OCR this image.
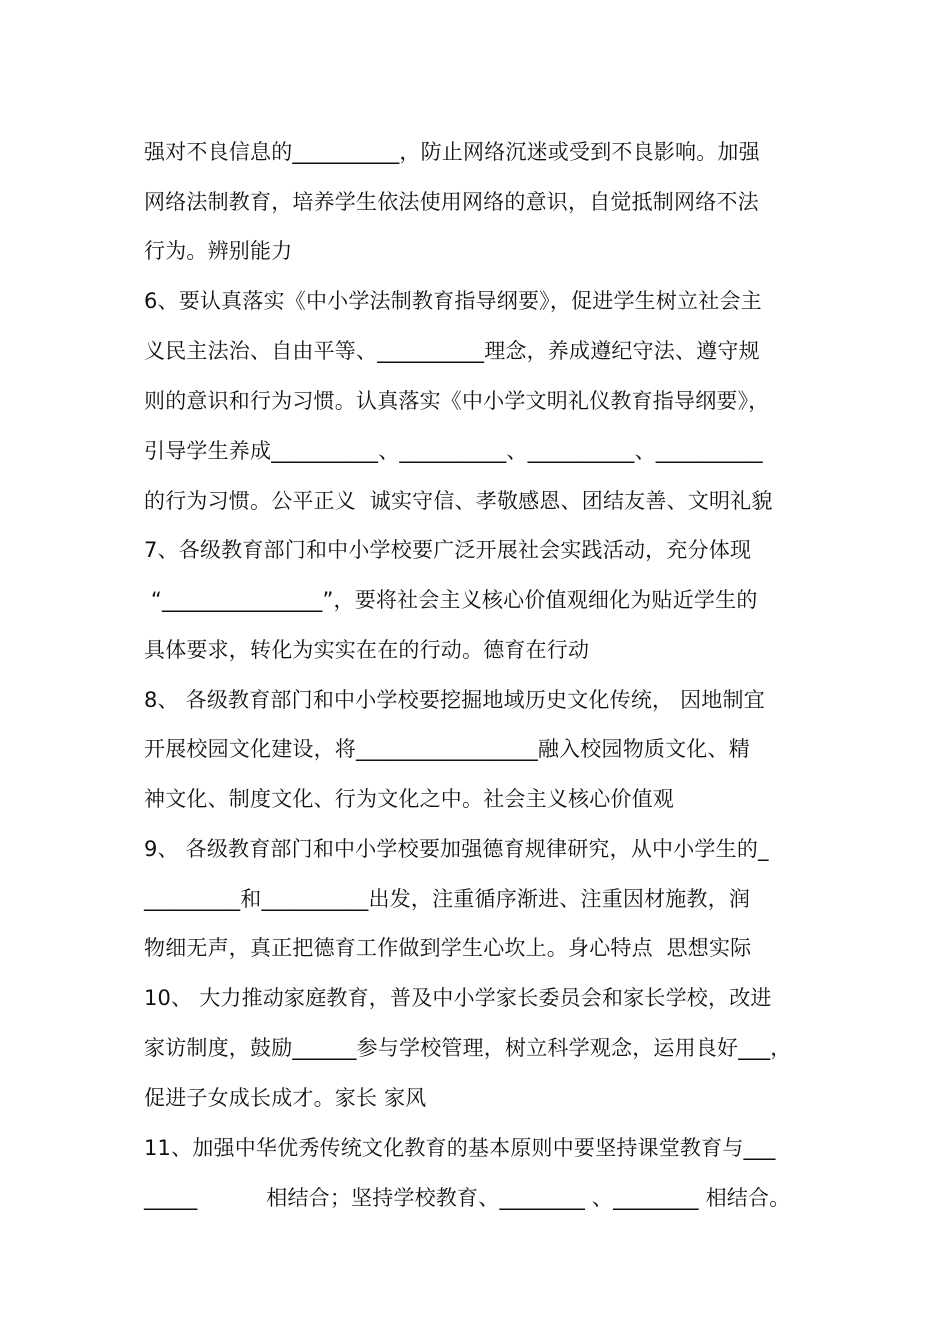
强对不良信息的__________，防止网络沉迷或受到不良影响。加强
网络法制教育，培养学生依法使用网络的意识，自觉抵制网络不法
行为。辨别能力
6、要认真落实《中小学法制教育指导纲要》，促进学生树立社会主
义民主法治、自由平等、__________理念，养成遵纪守法、遵守规
则的意识和行为习惯。认真落实《中小学文明礼仪教育指导纲要》，
引导学生养成__________、__________、__________、__________
的行为习惯。公平正义  诚实守信、孝敬感恩、团结友善、文明礼貌
7、各级教育部门和中小学校要广泛开展社会实践活动，充分体现
“_______________”，要将社会主义核心价值观细化为贴近学生的
具体要求，转化为实实在在的行动。德育在行动
8、 各级教育部门和中小学校要挖掘地域历史文化传统， 因地制宜
开展校园文化建设，将_________________融入校园物质文化、精
神文化、制度文化、行为文化之中。社会主义核心价值观
9、 各级教育部门和中小学校要加强德育规律研究，从中小学生的_
_________和__________出发，注重循序渐进、注重因材施教，润
物细无声，真正把德育工作做到学生心坎上。身心特点  思想实际
10、 大力推动家庭教育，普及中小学家长委员会和家长学校，改进
家访制度，鼓励______参与学校管理，树立科学观念，运用良好___，
促进子女成长成才。家长 家风
11、加强中华优秀传统文化教育的基本原则中要坚持课堂教育与___
_____          相结合；坚持学校教育、________ 、________ 相结合。
